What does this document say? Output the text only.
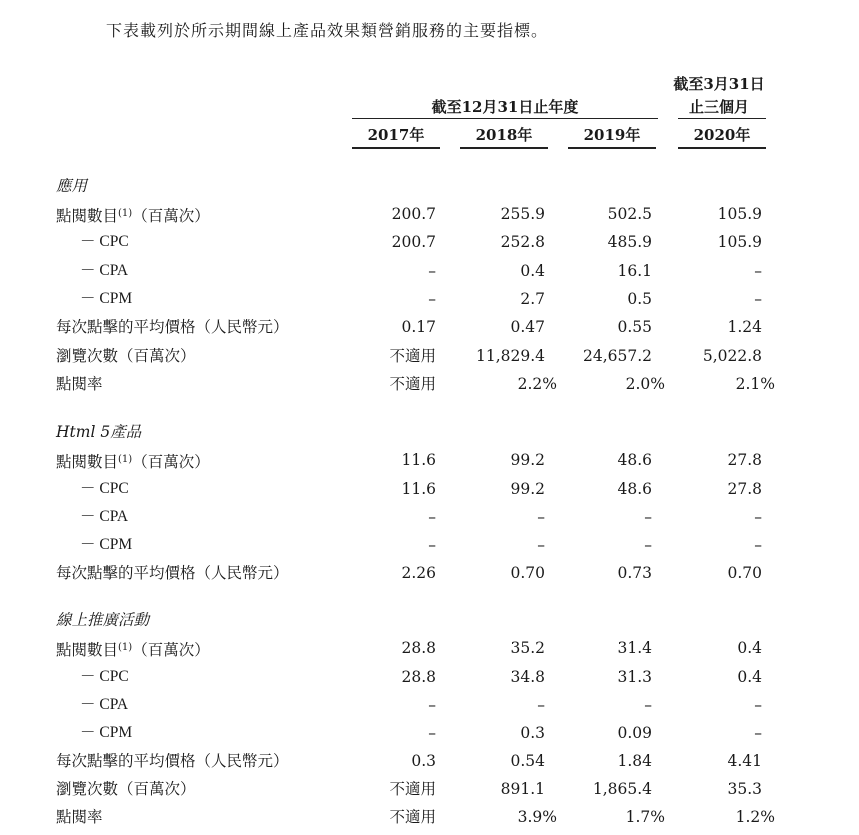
下表載列於所示期間線上產品效果類營銷服務的主要指標。
截至12月31日止年度
截至3月31日
止三個月
2017年	2018年	2019年	2020年
應用
點閱數目$^{(1)}$（百萬次）	200.7	255.9	502.5	105.9
－ CPC	200.7	252.8	485.9	105.9
－ CPA	–	0.4	16.1	–
－ CPM	–	2.7	0.5	–
每次點擊的平均價格（人民幣元）	0.17	0.47	0.55	1.24
瀏覽次數（百萬次）	不適用	11,829.4	24,657.2	5,022.8
點閱率	不適用	2.2%	2.0%	2.1%
Html 5產品
點閱數目$^{(1)}$（百萬次）	11.6	99.2	48.6	27.8
－ CPC	11.6	99.2	48.6	27.8
－ CPA	–	–	–	–
－ CPM	–	–	–	–
每次點擊的平均價格（人民幣元）	2.26	0.70	0.73	0.70
線上推廣活動
點閱數目$^{(1)}$（百萬次）	28.8	35.2	31.4	0.4
－ CPC	28.8	34.8	31.3	0.4
－ CPA	–	–	–	–
－ CPM	–	0.3	0.09	–
每次點擊的平均價格（人民幣元）	0.3	0.54	1.84	4.41
瀏覽次數（百萬次）	不適用	891.1	1,865.4	35.3
點閱率	不適用	3.9%	1.7%	1.2%
